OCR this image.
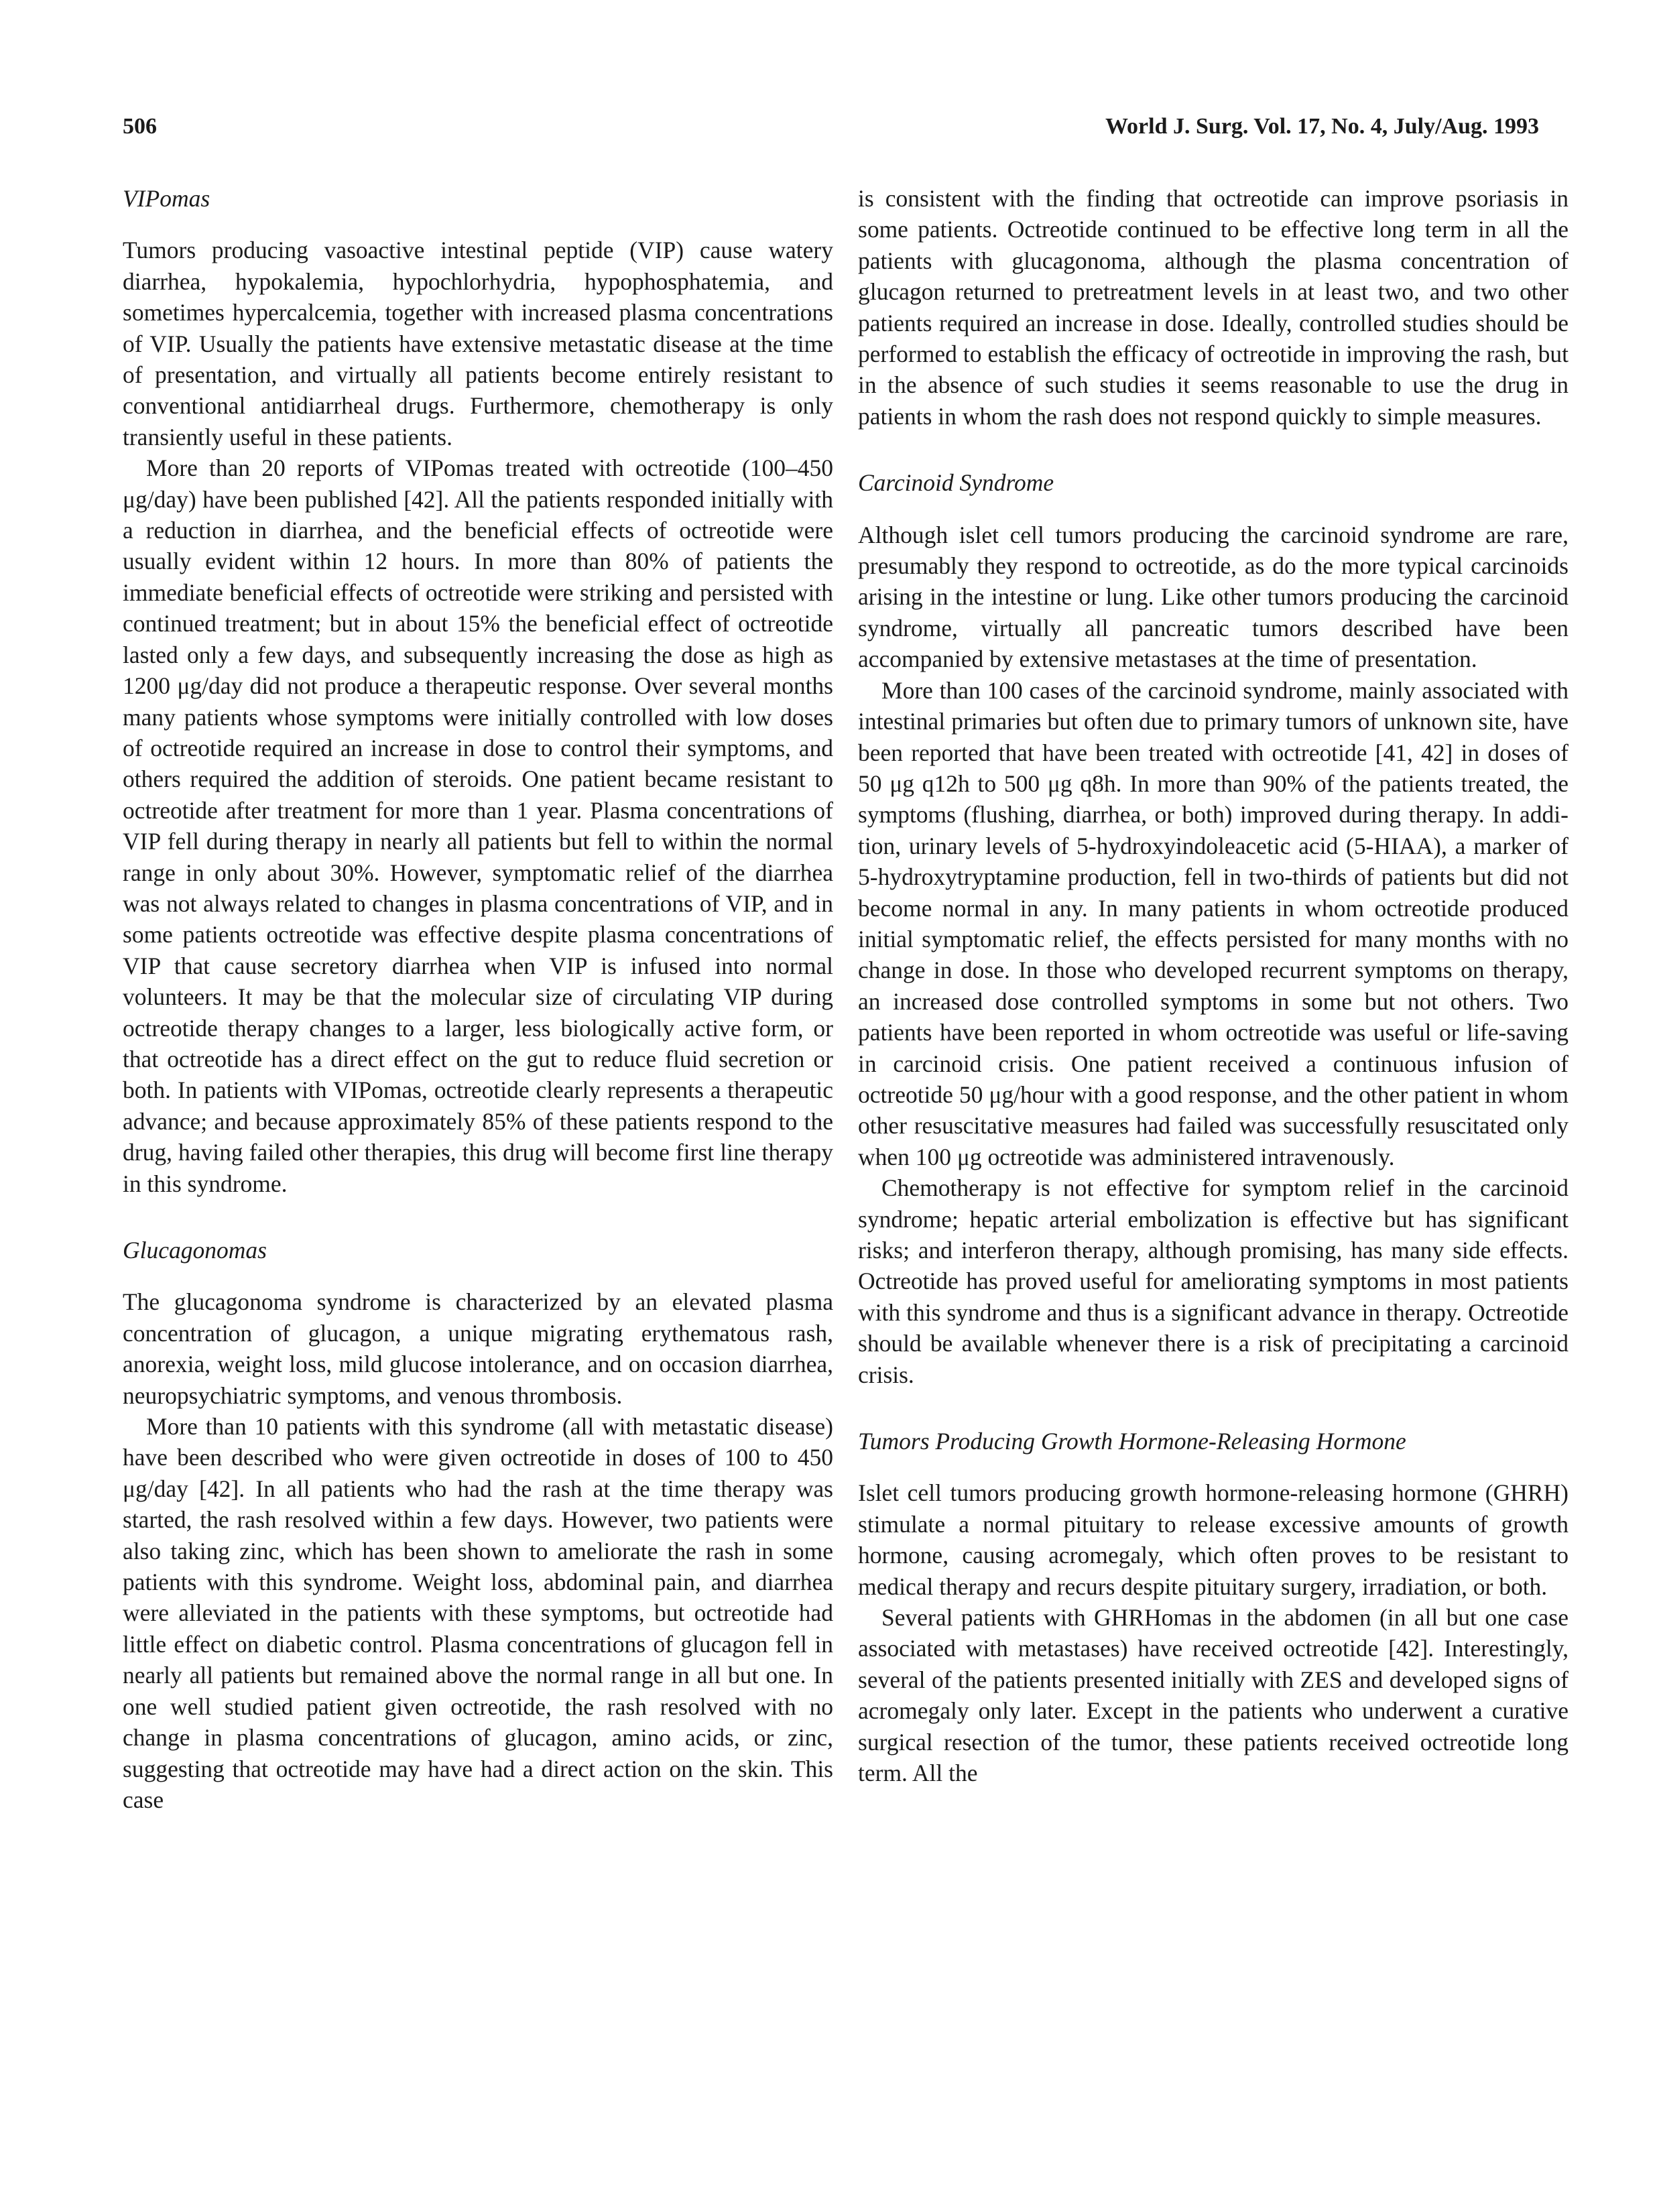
506	World J. Surg. Vol. 17, No. 4, July/Aug. 1993
VIPomas

Tumors producing vasoactive intestinal peptide (VIP) cause watery diarrhea, hypokalemia, hypochlorhydria, hypophosphatemia, and sometimes hypercalcemia, together with increased plasma concentrations of VIP. Usually the patients have extensive metastatic disease at the time of presentation, and virtually all patients become entirely resistant to conventional antidiarrheal drugs. Furthermore, chemotherapy is only transiently useful in these patients.

More than 20 reports of VIPomas treated with octreotide (100–450 μg/day) have been published [42]. All the patients responded initially with a reduction in diarrhea, and the beneficial effects of octreotide were usually evident within 12 hours. In more than 80% of patients the immediate beneficial effects of octreotide were striking and persisted with continued treatment; but in about 15% the beneficial effect of octreotide lasted only a few days, and subsequently increasing the dose as high as 1200 μg/day did not produce a therapeutic response. Over several months many patients whose symptoms were initially controlled with low doses of octreotide required an increase in dose to control their symptoms, and others required the addition of steroids. One patient became resistant to octreotide after treatment for more than 1 year. Plasma concentrations of VIP fell during therapy in nearly all patients but fell to within the normal range in only about 30%. However, symptomatic relief of the diarrhea was not always related to changes in plasma concentrations of VIP, and in some patients octreotide was effective despite plasma concentrations of VIP that cause secretory diarrhea when VIP is infused into normal volunteers. It may be that the molecular size of circulating VIP during octreotide therapy changes to a larger, less biologically active form, or that octreotide has a direct effect on the gut to reduce fluid secretion or both. In patients with VIPomas, octreotide clearly represents a therapeutic advance; and because approximately 85% of these patients respond to the drug, having failed other therapies, this drug will become first line therapy in this syndrome.

Glucagonomas

The glucagonoma syndrome is characterized by an elevated plasma concentration of glucagon, a unique migrating erythematous rash, anorexia, weight loss, mild glucose intolerance, and on occasion diarrhea, neuropsychiatric symptoms, and venous thrombosis.

More than 10 patients with this syndrome (all with metastatic disease) have been described who were given octreotide in doses of 100 to 450 μg/day [42]. In all patients who had the rash at the time therapy was started, the rash resolved within a few days. However, two patients were also taking zinc, which has been shown to ameliorate the rash in some patients with this syndrome. Weight loss, abdominal pain, and diarrhea were alleviated in the patients with these symptoms, but octreotide had little effect on diabetic control. Plasma concentrations of glucagon fell in nearly all patients but remained above the normal range in all but one. In one well studied patient given octreotide, the rash resolved with no change in plasma concentrations of glucagon, amino acids, or zinc, suggesting that octreotide may have had a direct action on the skin. This case

is consistent with the finding that octreotide can improve psoriasis in some patients. Octreotide continued to be effective long term in all the patients with glucagonoma, although the plasma concentration of glucagon returned to pretreatment levels in at least two, and two other patients required an increase in dose. Ideally, controlled studies should be performed to establish the efficacy of octreotide in improving the rash, but in the absence of such studies it seems reasonable to use the drug in patients in whom the rash does not respond quickly to simple measures.

Carcinoid Syndrome

Although islet cell tumors producing the carcinoid syndrome are rare, presumably they respond to octreotide, as do the more typical carcinoids arising in the intestine or lung. Like other tumors producing the carcinoid syndrome, virtually all pancreatic tumors described have been accompanied by extensive metastases at the time of presentation.

More than 100 cases of the carcinoid syndrome, mainly associated with intestinal primaries but often due to primary tumors of unknown site, have been reported that have been treated with octreotide [41, 42] in doses of 50 μg q12h to 500 μg q8h. In more than 90% of the patients treated, the symptoms (flushing, diarrhea, or both) improved during therapy. In addition, urinary levels of 5-hydroxyindoleacetic acid (5-HIAA), a marker of 5-hydroxytryptamine production, fell in two-thirds of patients but did not become normal in any. In many patients in whom octreotide produced initial symptomatic relief, the effects persisted for many months with no change in dose. In those who developed recurrent symptoms on therapy, an increased dose controlled symptoms in some but not others. Two patients have been reported in whom octreotide was useful or life-saving in carcinoid crisis. One patient received a continuous infusion of octreotide 50 μg/hour with a good response, and the other patient in whom other resuscitative measures had failed was successfully resuscitated only when 100 μg octreotide was administered intravenously.

Chemotherapy is not effective for symptom relief in the carcinoid syndrome; hepatic arterial embolization is effective but has significant risks; and interferon therapy, although promising, has many side effects. Octreotide has proved useful for ameliorating symptoms in most patients with this syndrome and thus is a significant advance in therapy. Octreotide should be available whenever there is a risk of precipitating a carcinoid crisis.

Tumors Producing Growth Hormone-Releasing Hormone

Islet cell tumors producing growth hormone-releasing hormone (GHRH) stimulate a normal pituitary to release excessive amounts of growth hormone, causing acromegaly, which often proves to be resistant to medical therapy and recurs despite pituitary surgery, irradiation, or both.

Several patients with GHRHomas in the abdomen (in all but one case associated with metastases) have received octreotide [42]. Interestingly, several of the patients presented initially with ZES and developed signs of acromegaly only later. Except in the patients who underwent a curative surgical resection of the tumor, these patients received octreotide long term. All the
